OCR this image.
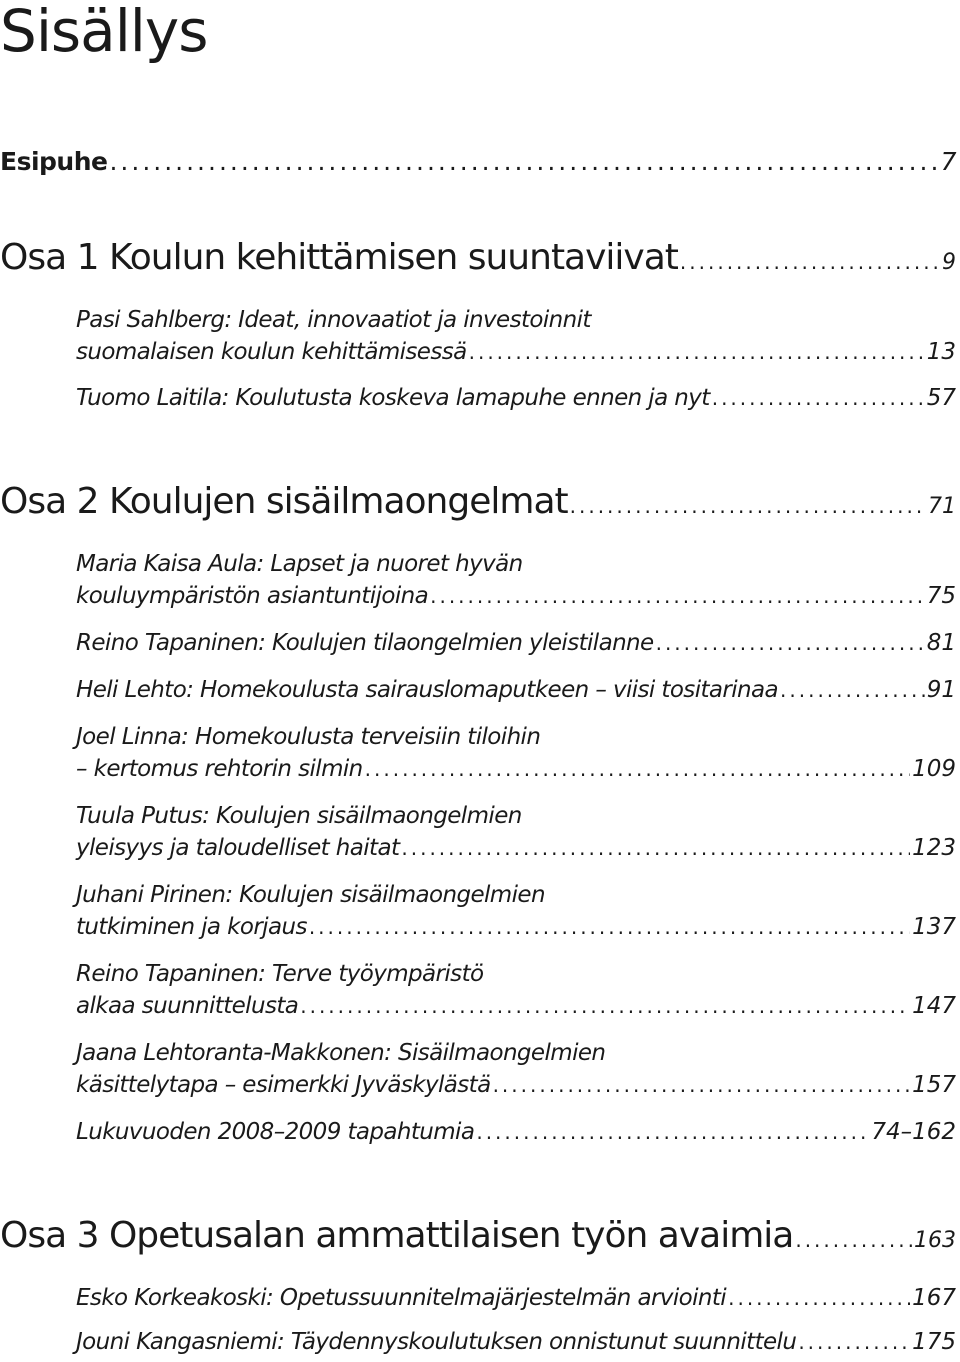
Sisällys
Esipuhe .....	7
Osa 1 Koulun kehittämisen suuntaviivat .....	9
Pasi Sahlberg: Ideat, innovaatiot ja investoinnit
suomalaisen koulun kehittämisessä .....	13
Tuomo Laitila: Koulutusta koskeva lamapuhe ennen ja nyt .....	57
Osa 2 Koulujen sisäilmaongelmat .....	71
Maria Kaisa Aula: Lapset ja nuoret hyvän
kouluympäristön asiantuntijoina .....	75
Reino Tapaninen: Koulujen tilaongelmien yleistilanne .....	81
Heli Lehto: Homekoulusta sairauslomaputkeen – viisi tositarinaa .....	91
Joel Linna: Homekoulusta terveisiin tiloihin
– kertomus rehtorin silmin .....	109
Tuula Putus: Koulujen sisäilmaongelmien
yleisyys ja taloudelliset haitat .....	123
Juhani Pirinen: Koulujen sisäilmaongelmien
tutkiminen ja korjaus .....	137
Reino Tapaninen: Terve työympäristö
alkaa suunnittelusta .....	147
Jaana Lehtoranta-Makkonen: Sisäilmaongelmien
käsittelytapa – esimerkki Jyväskylästä .....	157
Lukuvuoden 2008–2009 tapahtumia .....	74–162
Osa 3 Opetusalan ammattilaisen työn avaimia .....	163
Esko Korkeakoski: Opetussuunnitelmajärjestelmän arviointi .....	167
Jouni Kangasniemi: Täydennyskoulutuksen onnistunut suunnittelu .....	175
